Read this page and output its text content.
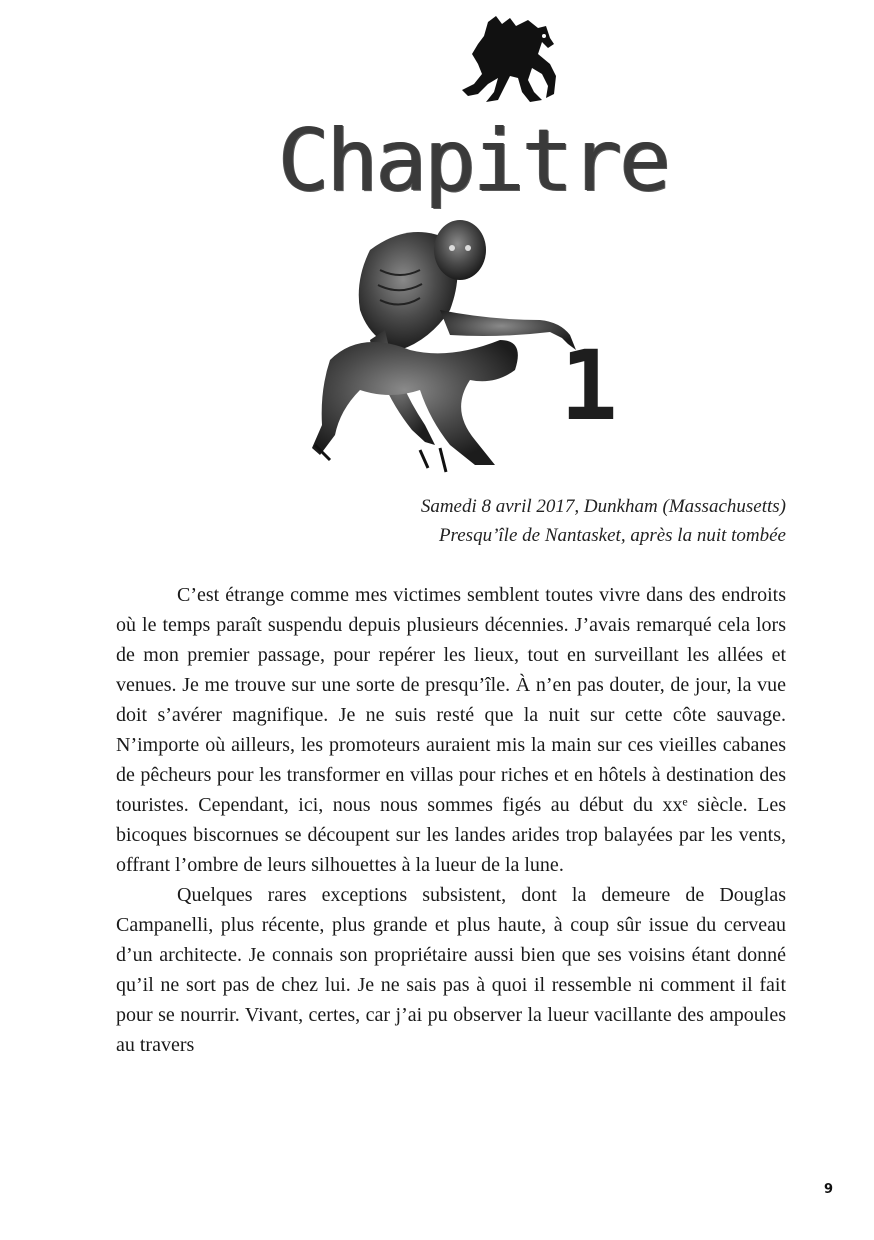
Chapitre
1
Samedi 8 avril 2017, Dunkham (Massachusetts)
Presqu’île de Nantasket, après la nuit tombée

C’est étrange comme mes victimes semblent toutes vivre dans des endroits où le temps paraît suspendu depuis plusieurs décennies. J’avais remarqué cela lors de mon premier passage, pour repérer les lieux, tout en surveillant les allées et venues. Je me trouve sur une sorte de presqu’île. À n’en pas douter, de jour, la vue doit s’avérer magnifique. Je ne suis resté que la nuit sur cette côte sauvage. N’importe où ailleurs, les promoteurs auraient mis la main sur ces vieilles cabanes de pêcheurs pour les transformer en villas pour riches et en hôtels à destination des touristes. Cependant, ici, nous nous sommes figés au début du xxᵉ siècle. Les bicoques biscornues se découpent sur les landes arides trop balayées par les vents, offrant l’ombre de leurs silhouettes à la lueur de la lune.

Quelques rares exceptions subsistent, dont la demeure de Douglas Campanelli, plus récente, plus grande et plus haute, à coup sûr issue du cerveau d’un architecte. Je connais son propriétaire aussi bien que ses voisins étant donné qu’il ne sort pas de chez lui. Je ne sais pas à quoi il ressemble ni comment il fait pour se nourrir. Vivant, certes, car j’ai pu observer la lueur vacillante des ampoules au travers

9
